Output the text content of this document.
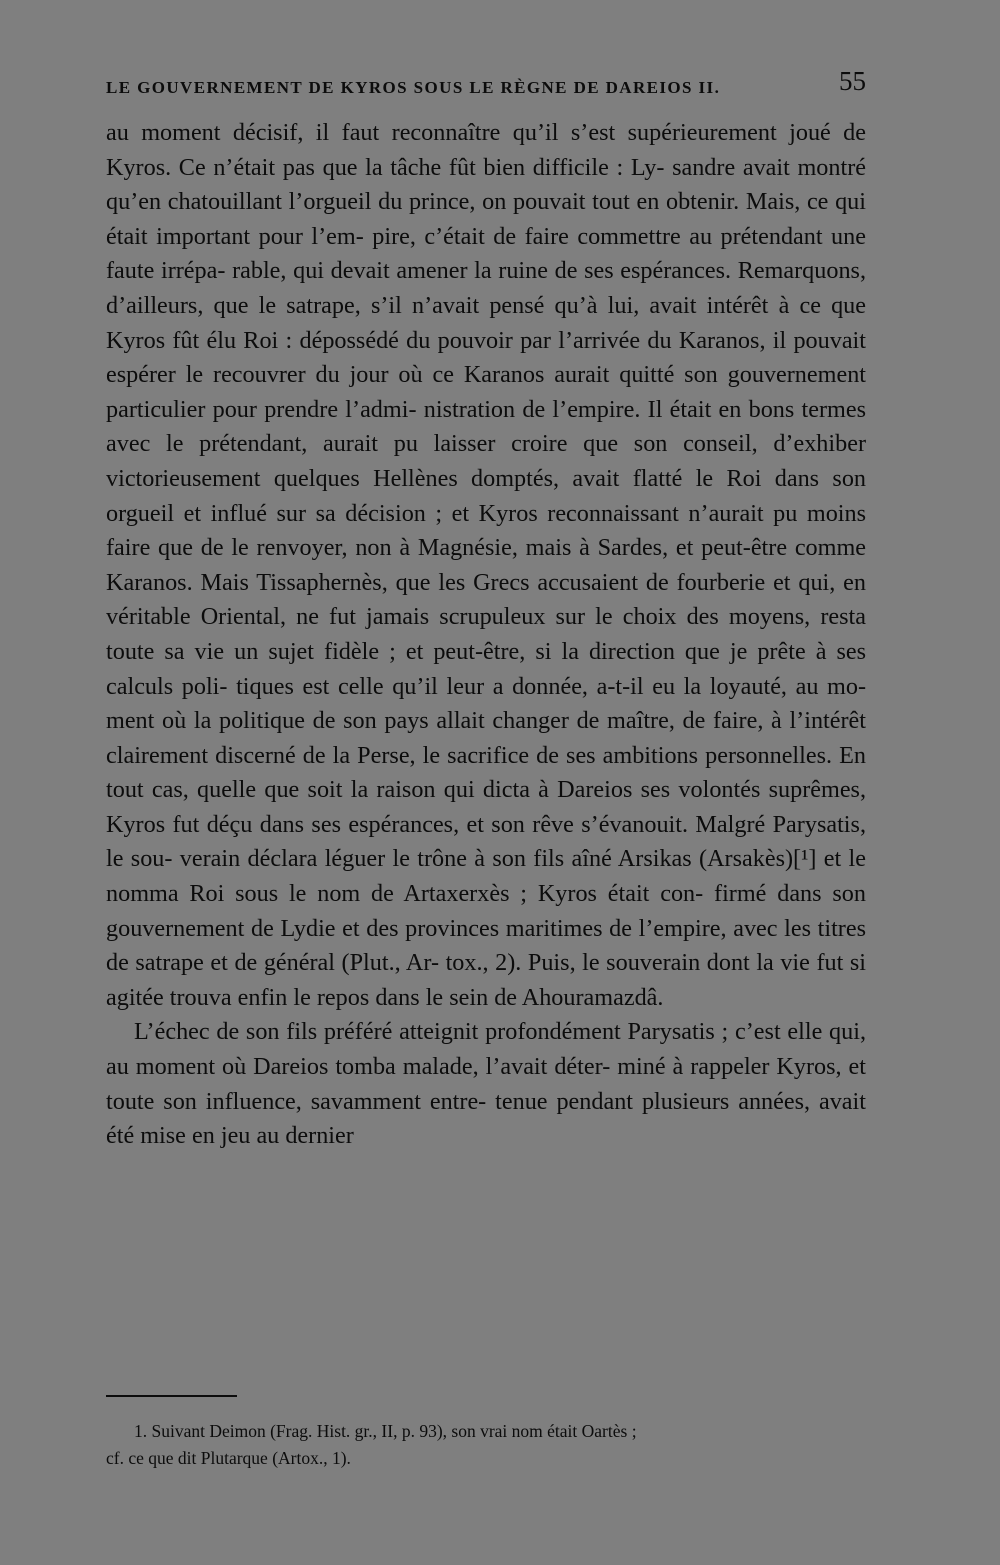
LE GOUVERNEMENT DE KYROS SOUS LE RÈGNE DE DAREIOS II.	55

au moment décisif, il faut reconnaître qu’il s’est supérieurement joué de Kyros. Ce n’était pas que la tâche fût bien difficile : Ly- sandre avait montré qu’en chatouillant l’orgueil du prince, on pouvait tout en obtenir. Mais, ce qui était important pour l’em- pire, c’était de faire commettre au prétendant une faute irrépa- rable, qui devait amener la ruine de ses espérances. Remarquons, d’ailleurs, que le satrape, s’il n’avait pensé qu’à lui, avait intérêt à ce que Kyros fût élu Roi : dépossédé du pouvoir par l’arrivée du Karanos, il pouvait espérer le recouvrer du jour où ce Karanos aurait quitté son gouvernement particulier pour prendre l’admi- nistration de l’empire. Il était en bons termes avec le prétendant, aurait pu laisser croire que son conseil, d’exhiber victorieusement quelques Hellènes domptés, avait flatté le Roi dans son orgueil et influé sur sa décision ; et Kyros reconnaissant n’aurait pu moins faire que de le renvoyer, non à Magnésie, mais à Sardes, et peut-être comme Karanos. Mais Tissaphernès, que les Grecs accusaient de fourberie et qui, en véritable Oriental, ne fut jamais scrupuleux sur le choix des moyens, resta toute sa vie un sujet fidèle ; et peut-être, si la direction que je prête à ses calculs poli- tiques est celle qu’il leur a donnée, a-t-il eu la loyauté, au mo- ment où la politique de son pays allait changer de maître, de faire, à l’intérêt clairement discerné de la Perse, le sacrifice de ses ambitions personnelles. En tout cas, quelle que soit la raison qui dicta à Dareios ses volontés suprêmes, Kyros fut déçu dans ses espérances, et son rêve s’évanouit. Malgré Parysatis, le sou- verain déclara léguer le trône à son fils aîné Arsikas (Arsakès)[¹] et le nomma Roi sous le nom de Artaxerxès ; Kyros était con- firmé dans son gouvernement de Lydie et des provinces maritimes de l’empire, avec les titres de satrape et de général (Plut., Ar- tox., 2). Puis, le souverain dont la vie fut si agitée trouva enfin le repos dans le sein de Ahouramazdâ.

L’échec de son fils préféré atteignit profondément Parysatis ; c’est elle qui, au moment où Dareios tomba malade, l’avait déter- miné à rappeler Kyros, et toute son influence, savamment entre- tenue pendant plusieurs années, avait été mise en jeu au dernier

1. Suivant Deimon (Frag. Hist. gr., II, p. 93), son vrai nom était Oartès ;
cf. ce que dit Plutarque (Artox., 1).
